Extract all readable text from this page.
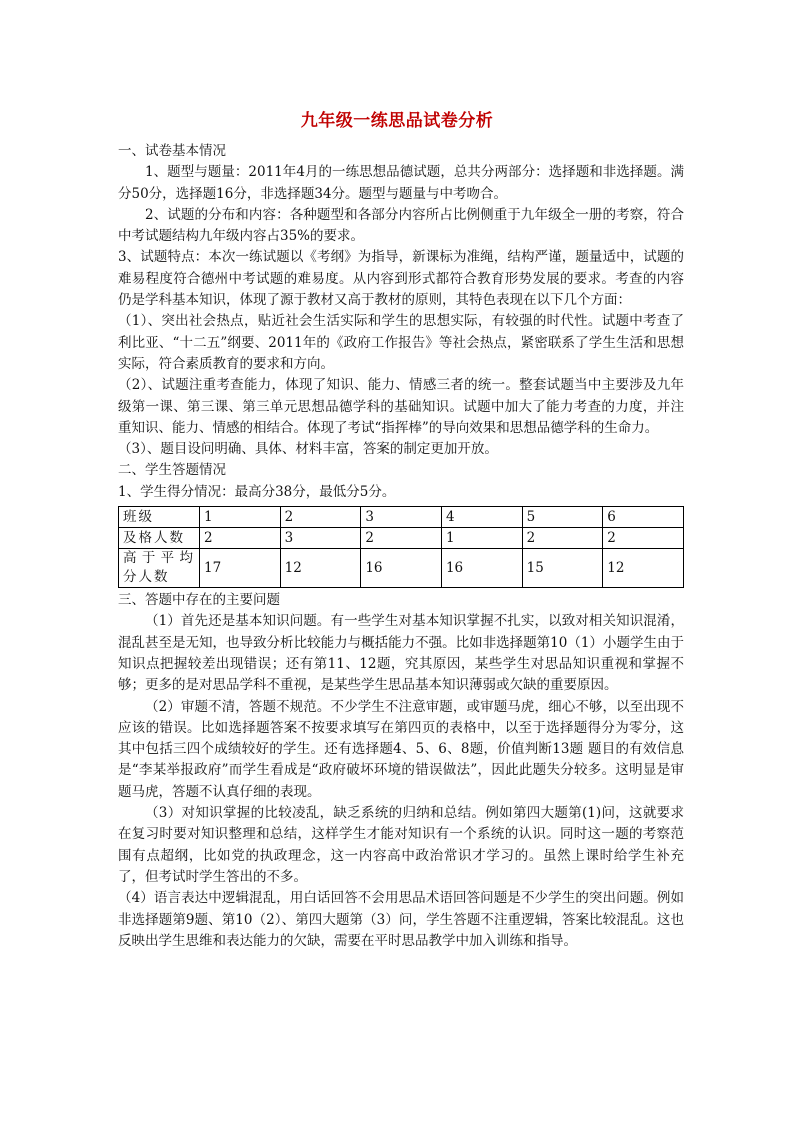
九年级一练思品试卷分析

一、试卷基本情况

1、题型与题量：2011年4月的一练思想品德试题，总共分两部分：选择题和非选择题。满分50分，选择题16分，非选择题34分。题型与题量与中考吻合。

2、试题的分布和内容：各种题型和各部分内容所占比例侧重于九年级全一册的考察，符合中考试题结构九年级内容占35%的要求。

3、试题特点：本次一练试题以《考纲》为指导，新课标为准绳，结构严谨，题量适中，试题的难易程度符合德州中考试题的难易度。从内容到形式都符合教育形势发展的要求。考查的内容仍是学科基本知识，体现了源于教材又高于教材的原则，其特色表现在以下几个方面：

（1）、突出社会热点，贴近社会生活实际和学生的思想实际，有较强的时代性。试题中考查了利比亚、“十二五”纲要、2011年的《政府工作报告》等社会热点，紧密联系了学生生活和思想实际，符合素质教育的要求和方向。

（2）、试题注重考查能力，体现了知识、能力、情感三者的统一。整套试题当中主要涉及九年级第一课、第三课、第三单元思想品德学科的基础知识。试题中加大了能力考查的力度，并注重知识、能力、情感的相结合。体现了考试“指挥棒”的导向效果和思想品德学科的生命力。

（3）、题目设问明确、具体、材料丰富，答案的制定更加开放。

二、学生答题情况

1、学生得分情况：最高分38分，最低分5分。

班级	1	2	3	4	5	6
及格人数	2	3	2	1	2	2
高于平均分人数	17	12	16	16	15	12

三、答题中存在的主要问题

（1）首先还是基本知识问题。有一些学生对基本知识掌握不扎实，以致对相关知识混淆，混乱甚至是无知，也导致分析比较能力与概括能力不强。比如非选择题第10（1）小题学生由于知识点把握较差出现错误；还有第11、12题，究其原因，某些学生对思品知识重视和掌握不够；更多的是对思品学科不重视，是某些学生思品基本知识薄弱或欠缺的重要原因。

（2）审题不清，答题不规范。不少学生不注意审题，或审题马虎，细心不够，以至出现不应该的错误。比如选择题答案不按要求填写在第四页的表格中，以至于选择题得分为零分，这其中包括三四个成绩较好的学生。还有选择题4、5、6、8题，价值判断13题 题目的有效信息是“李某举报政府”而学生看成是“政府破坏环境的错误做法”，因此此题失分较多。这明显是审题马虎，答题不认真仔细的表现。

（3）对知识掌握的比较凌乱，缺乏系统的归纳和总结。例如第四大题第(1)问，这就要求在复习时要对知识整理和总结，这样学生才能对知识有一个系统的认识。同时这一题的考察范围有点超纲，比如党的执政理念，这一内容高中政治常识才学习的。虽然上课时给学生补充了，但考试时学生答出的不多。

（4）语言表达中逻辑混乱，用白话回答不会用思品术语回答问题是不少学生的突出问题。例如非选择题第9题、第10（2）、第四大题第（3）问，学生答题不注重逻辑，答案比较混乱。这也反映出学生思维和表达能力的欠缺，需要在平时思品教学中加入训练和指导。
